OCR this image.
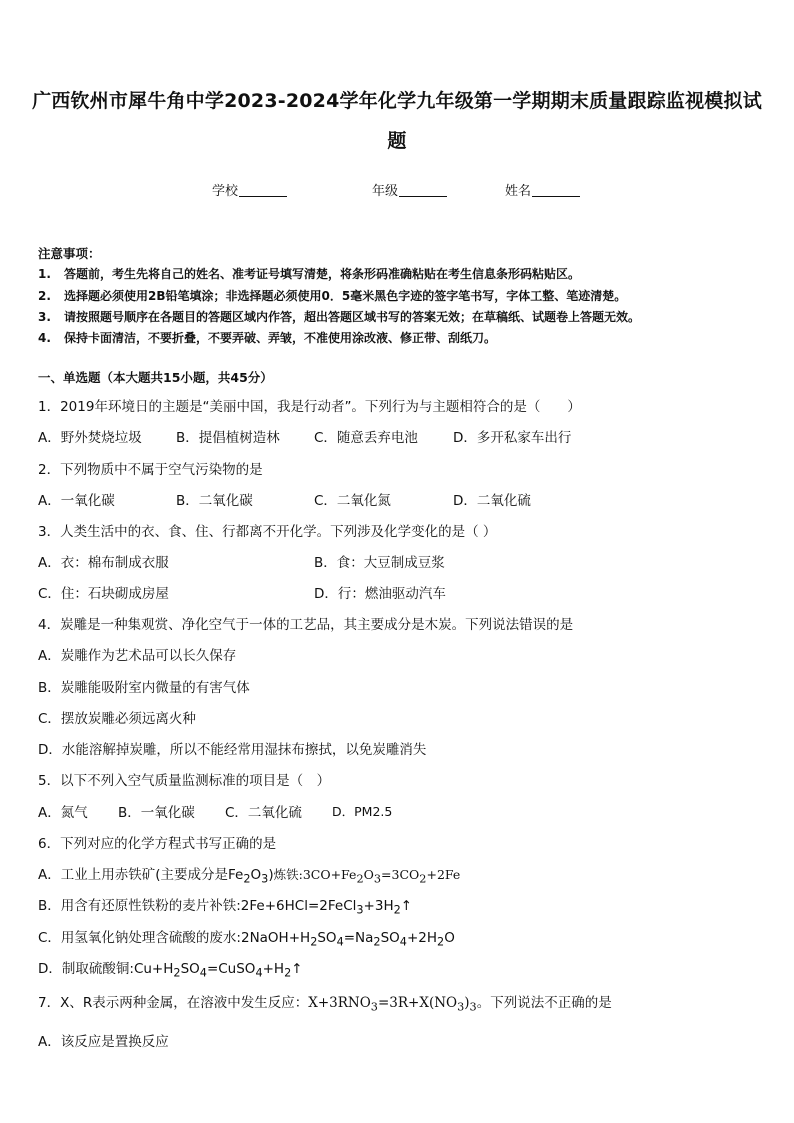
广西钦州市犀牛角中学2023-2024学年化学九年级第一学期期末质量跟踪监视模拟试
题
学校	年级	姓名
注意事项：
1. 答题前，考生先将自己的姓名、准考证号填写清楚，将条形码准确粘贴在考生信息条形码粘贴区。
2. 选择题必须使用2B铅笔填涂；非选择题必须使用0．5毫米黑色字迹的签字笔书写，字体工整、笔迹清楚。
3. 请按照题号顺序在各题目的答题区域内作答，超出答题区域书写的答案无效；在草稿纸、试题卷上答题无效。
4. 保持卡面清洁，不要折叠，不要弄破、弄皱，不准使用涂改液、修正带、刮纸刀。
一、单选题（本大题共15小题，共45分）
1．2019年环境日的主题是“美丽中国，我是行动者”。下列行为与主题相符合的是（　　）
A．野外焚烧垃圾	B．提倡植树造林	C．随意丢弃电池	D．多开私家车出行
2．下列物质中不属于空气污染物的是
A．一氧化碳	B．二氧化碳	C．二氧化氮	D．二氧化硫
3．人类生活中的衣、食、住、行都离不开化学。下列涉及化学变化的是（ ）
A．衣：棉布制成衣服	B．食：大豆制成豆浆
C．住：石块砌成房屋	D．行：燃油驱动汽车
4．炭雕是一种集观赏、净化空气于一体的工艺品，其主要成分是木炭。下列说法错误的是
A．炭雕作为艺术品可以长久保存
B．炭雕能吸附室内微量的有害气体
C．摆放炭雕必须远离火种
D．水能溶解掉炭雕，所以不能经常用湿抹布擦拭，以免炭雕消失
5．以下不列入空气质量监测标准的项目是（　）
A．氮气 B．一氧化碳 C．二氧化硫 D．PM2.5
6．下列对应的化学方程式书写正确的是
A．工业上用赤铁矿(主要成分是$Fe_2O_3$)炼铁$:3CO+Fe_2O_3=3CO_2+2Fe$
B．用含有还原性铁粉的麦片补铁$:2Fe+6HCl=2FeCl_3+3H_2↑$
C．用氢氧化钠处理含硫酸的废水$:2NaOH+H_2SO_4=Na_2SO_4+2H_2O$
D．制取硫酸铜$:Cu+H_2SO_4=CuSO_4+H_2↑$
7．X、R表示两种金属，在溶液中发生反应：$X+3RNO_3=3R+X(NO_3)_3$。下列说法不正确的是
A．该反应是置换反应
